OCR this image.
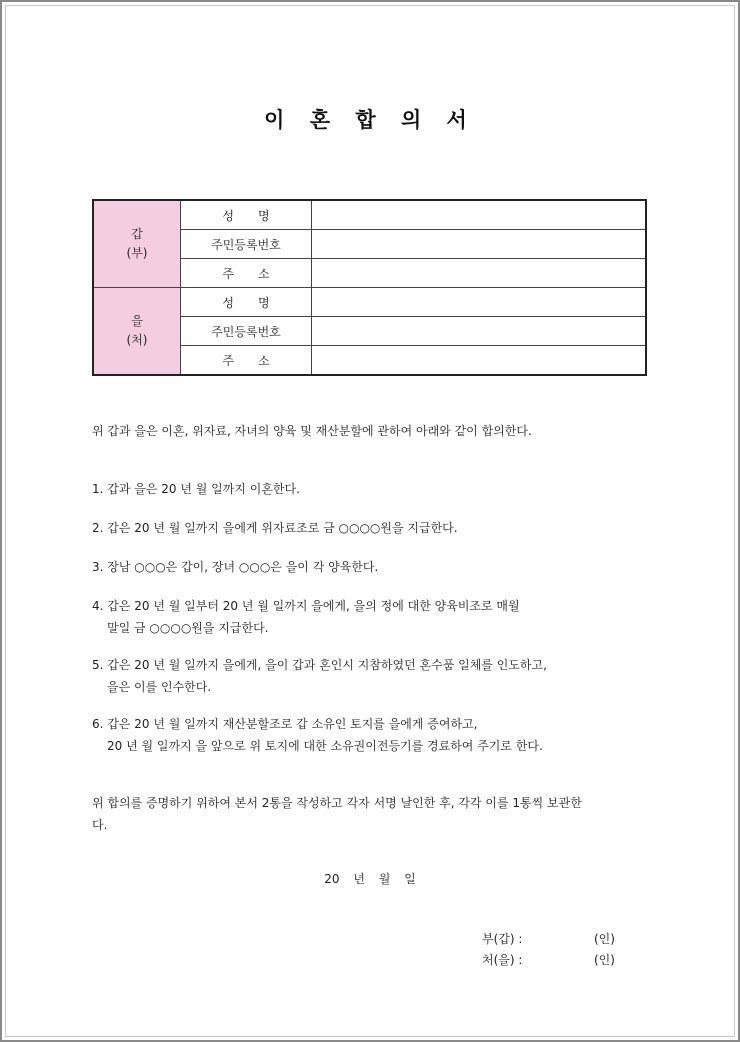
이 혼 합 의 서
갑
(부)	성명	
	주민등록번호	
	주소	

을
(처)	성명	
	주민등록번호	
	주소	
위 갑과 을은 이혼, 위자료, 자녀의 양육 및 재산분할에 관하여 아래와 같이 합의한다.
1. 갑과 을은 20 년 월 일까지 이혼한다.
2. 갑은 20 년 월 일까지 을에게 위자료조로 금 ○○○○원을 지급한다.
3. 장남 ○○○은 갑이, 장녀 ○○○은 을이 각 양육한다.
4. 갑은 20 년 월 일부터 20 년 월 일까지 을에게, 을의 정에 대한 양육비조로 매월
말일 금 ○○○○원을 지급한다.
5. 갑은 20 년 월 일까지 을에게, 을이 갑과 혼인시 지참하였던 혼수품 일체를 인도하고,
을은 이를 인수한다.
6. 갑은 20 년 월 일까지 재산분할조로 갑 소유인 토지를 을에게 증여하고,
20 년 월 일까지 을 앞으로 위 토지에 대한 소유권이전등기를 경료하여 주기로 한다.
위 합의를 증명하기 위하여 본서 2통을 작성하고 각자 서명 날인한 후, 각각 이를 1통씩 보관한
다.
20 년 월 일
부(갑) :	(인)
처(을) :	(인)
